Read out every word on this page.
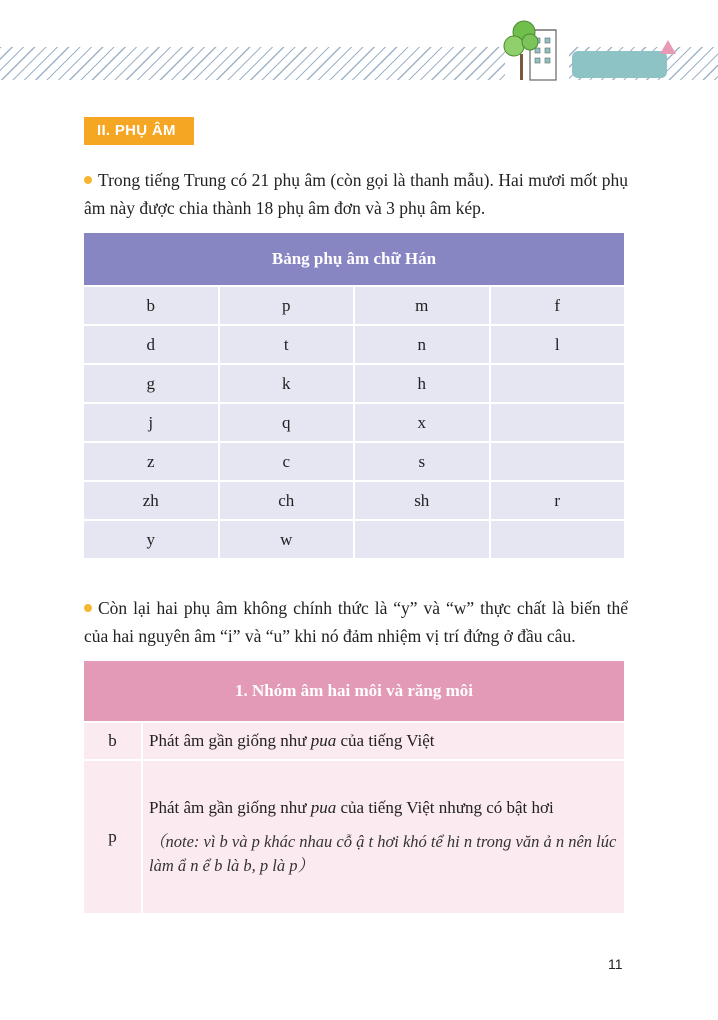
II. PHỤ ÂM
Trong tiếng Trung có 21 phụ âm (còn gọi là thanh mẫu). Hai mươi mốt phụ âm này được chia thành 18 phụ âm đơn và 3 phụ âm kép.
Bảng phụ âm chữ Hán			
b	p	m	f
d	t	n	l
g	k	h	
j	q	x	
z	c	s	
zh	ch	sh	r
y	w		
Còn lại hai phụ âm không chính thức là “y” và “w” thực chất là biến thể của hai nguyên âm “i” và “u” khi nó đảm nhiệm vị trí đứng ở đầu câu.
1. Nhóm âm hai môi và răng môi	
b	Phát âm gần giống như pua của tiếng Việt
p	Phát âm gần giống như pua của tiếng Việt nhưng có bật hơi
（note: vì b và p khác nhau cỗ ậ t hơi khó tể hi n trong văn ả n nên lúc làm ẩ n ể b là b, p là p）
11
